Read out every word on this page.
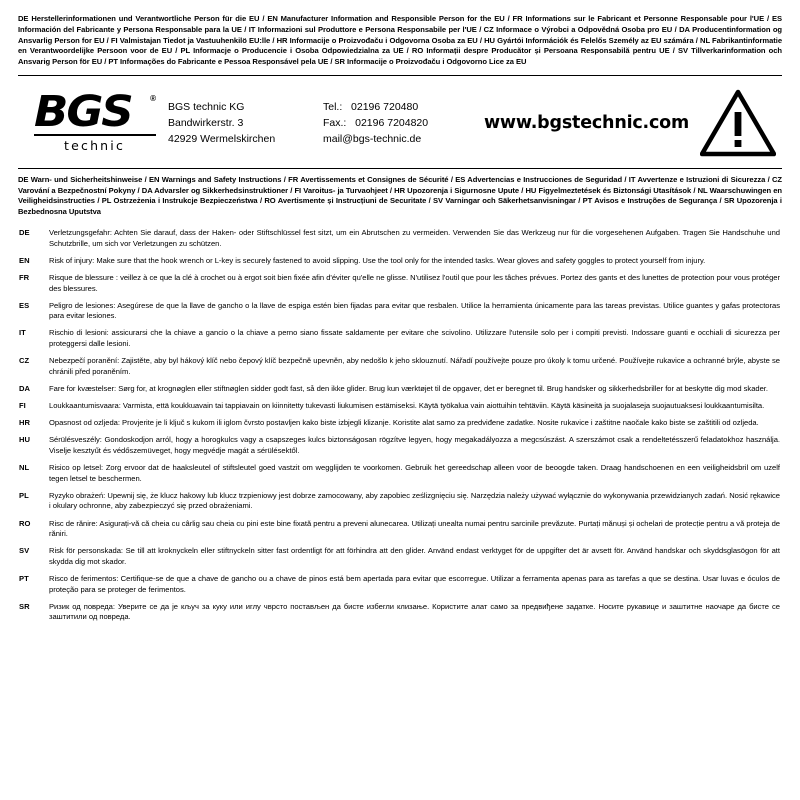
DE Herstellerinformationen und Verantwortliche Person für die EU / EN Manufacturer Information and Responsible Person for the EU / FR Informations sur le Fabricant et Personne Responsable pour l'UE / ES Información del Fabricante y Persona Responsable para la UE / IT Informazioni sul Produttore e Persona Responsabile per l'UE / CZ Informace o Výrobci a Odpovědná Osoba pro EU / DA Producentinformation og Ansvarlig Person for EU / FI Valmistajan Tiedot ja Vastuuhenkilö EU:lle / HR Informacije o Proizvođaču i Odgovorna Osoba za EU / HU Gyártói Információk és Felelős Személy az EU számára / NL Fabrikantinformatie en Verantwoordelijke Persoon voor de EU / PL Informacje o Producencie i Osoba Odpowiedzialna za UE / RO Informații despre Producător și Persoana Responsabilă pentru UE / SV Tillverkarinformation och Ansvarig Person för EU / PT Informações do Fabricante e Pessoa Responsável pela UE / SR Informacije o Proizvođaču i Odgovorno Lice za EU
BGS	®
technic
BGS technic KG
Bandwirkerstr. 3
42929 Wermelskirchen
Tel.: 02196 720480
Fax.: 02196 7204820
mail@bgs-technic.de
www.bgstechnic.com
DE Warn- und Sicherheitshinweise / EN Warnings and Safety Instructions / FR Avertissements et Consignes de Sécurité / ES Advertencias e Instrucciones de Seguridad / IT Avvertenze e Istruzioni di Sicurezza / CZ Varování a Bezpečnostní Pokyny / DA Advarsler og Sikkerhedsinstruktioner / FI Varoitus- ja Turvaohjeet / HR Upozorenja i Sigurnosne Upute / HU Figyelmeztetések és Biztonsági Utasítások / NL Waarschuwingen en Veiligheidsinstructies / PL Ostrzeżenia i Instrukcje Bezpieczeństwa / RO Avertismente și Instrucțiuni de Securitate / SV Varningar och Säkerhetsanvisningar / PT Avisos e Instruções de Segurança / SR Upozorenja i Bezbednosna Uputstva
DE	Verletzungsgefahr: Achten Sie darauf, dass der Haken- oder Stiftschlüssel fest sitzt, um ein Abrutschen zu vermeiden. Verwenden Sie das Werkzeug nur für die vorgesehenen Aufgaben. Tragen Sie Handschuhe und Schutzbrille, um sich vor Verletzungen zu schützen.
EN	Risk of injury: Make sure that the hook wrench or L-key is securely fastened to avoid slipping. Use the tool only for the intended tasks. Wear gloves and safety goggles to protect yourself from injury.
FR	Risque de blessure : veillez à ce que la clé à crochet ou à ergot soit bien fixée afin d'éviter qu'elle ne glisse. N'utilisez l'outil que pour les tâches prévues. Portez des gants et des lunettes de protection pour vous protéger des blessures.
ES	Peligro de lesiones: Asegúrese de que la llave de gancho o la llave de espiga estén bien fijadas para evitar que resbalen. Utilice la herramienta únicamente para las tareas previstas. Utilice guantes y gafas protectoras para evitar lesiones.
IT	Rischio di lesioni: assicurarsi che la chiave a gancio o la chiave a perno siano fissate saldamente per evitare che scivolino. Utilizzare l'utensile solo per i compiti previsti. Indossare guanti e occhiali di sicurezza per proteggersi dalle lesioni.
CZ	Nebezpečí poranění: Zajistěte, aby byl hákový klíč nebo čepový klíč bezpečně upevněn, aby nedošlo k jeho sklouznutí. Nářadí používejte pouze pro úkoly k tomu určené. Používejte rukavice a ochranné brýle, abyste se chránili před poraněním.
DA	Fare for kvæstelser: Sørg for, at krognøglen eller stiftnøglen sidder godt fast, så den ikke glider. Brug kun værktøjet til de opgaver, det er beregnet til. Brug handsker og sikkerhedsbriller for at beskytte dig mod skader.
FI	Loukkaantumisvaara: Varmista, että koukkuavain tai tappiavain on kiinnitetty tukevasti liukumisen estämiseksi. Käytä työkalua vain aiottuihin tehtäviin. Käytä käsineitä ja suojalaseja suojautuaksesi loukkaantumisilta.
HR	Opasnost od ozljeda: Provjerite je li ključ s kukom ili iglom čvrsto postavljen kako biste izbjegli klizanje. Koristite alat samo za predviđene zadatke. Nosite rukavice i zaštitne naočale kako biste se zaštitili od ozljeda.
HU	Sérülésveszély: Gondoskodjon arról, hogy a horogkulcs vagy a csapszeges kulcs biztonságosan rögzítve legyen, hogy megakadályozza a megcsúszást. A szerszámot csak a rendeltetésszerű feladatokhoz használja. Viselje kesztyűt és védőszemüveget, hogy megvédje magát a sérülésektől.
NL	Risico op letsel: Zorg ervoor dat de haaksleutel of stiftsleutel goed vastzit om wegglijden te voorkomen. Gebruik het gereedschap alleen voor de beoogde taken. Draag handschoenen en een veiligheidsbril om uzelf tegen letsel te beschermen.
PL	Ryzyko obrażeń: Upewnij się, że klucz hakowy lub klucz trzpieniowy jest dobrze zamocowany, aby zapobiec ześlizgnięciu się. Narzędzia należy używać wyłącznie do wykonywania przewidzianych zadań. Nosić rękawice i okulary ochronne, aby zabezpieczyć się przed obrażeniami.
RO	Risc de rănire: Asigurați-vă că cheia cu cârlig sau cheia cu pini este bine fixată pentru a preveni alunecarea. Utilizați unealta numai pentru sarcinile prevăzute. Purtați mănuși și ochelari de protecție pentru a vă proteja de răniri.
SV	Risk för personskada: Se till att kroknyckeln eller stiftnyckeln sitter fast ordentligt för att förhindra att den glider. Använd endast verktyget för de uppgifter det är avsett för. Använd handskar och skyddsglasögon för att skydda dig mot skador.
PT	Risco de ferimentos: Certifique-se de que a chave de gancho ou a chave de pinos está bem apertada para evitar que escorregue. Utilizar a ferramenta apenas para as tarefas a que se destina. Usar luvas e óculos de proteção para se proteger de ferimentos.
SR	Ризик од повреда: Уверите се да је кључ за куку или иглу чврсто постављен да бисте избегли клизање. Користите алат само за предвиђене задатке. Носите рукавице и заштитне наочаре да бисте се заштитили од повреда.
